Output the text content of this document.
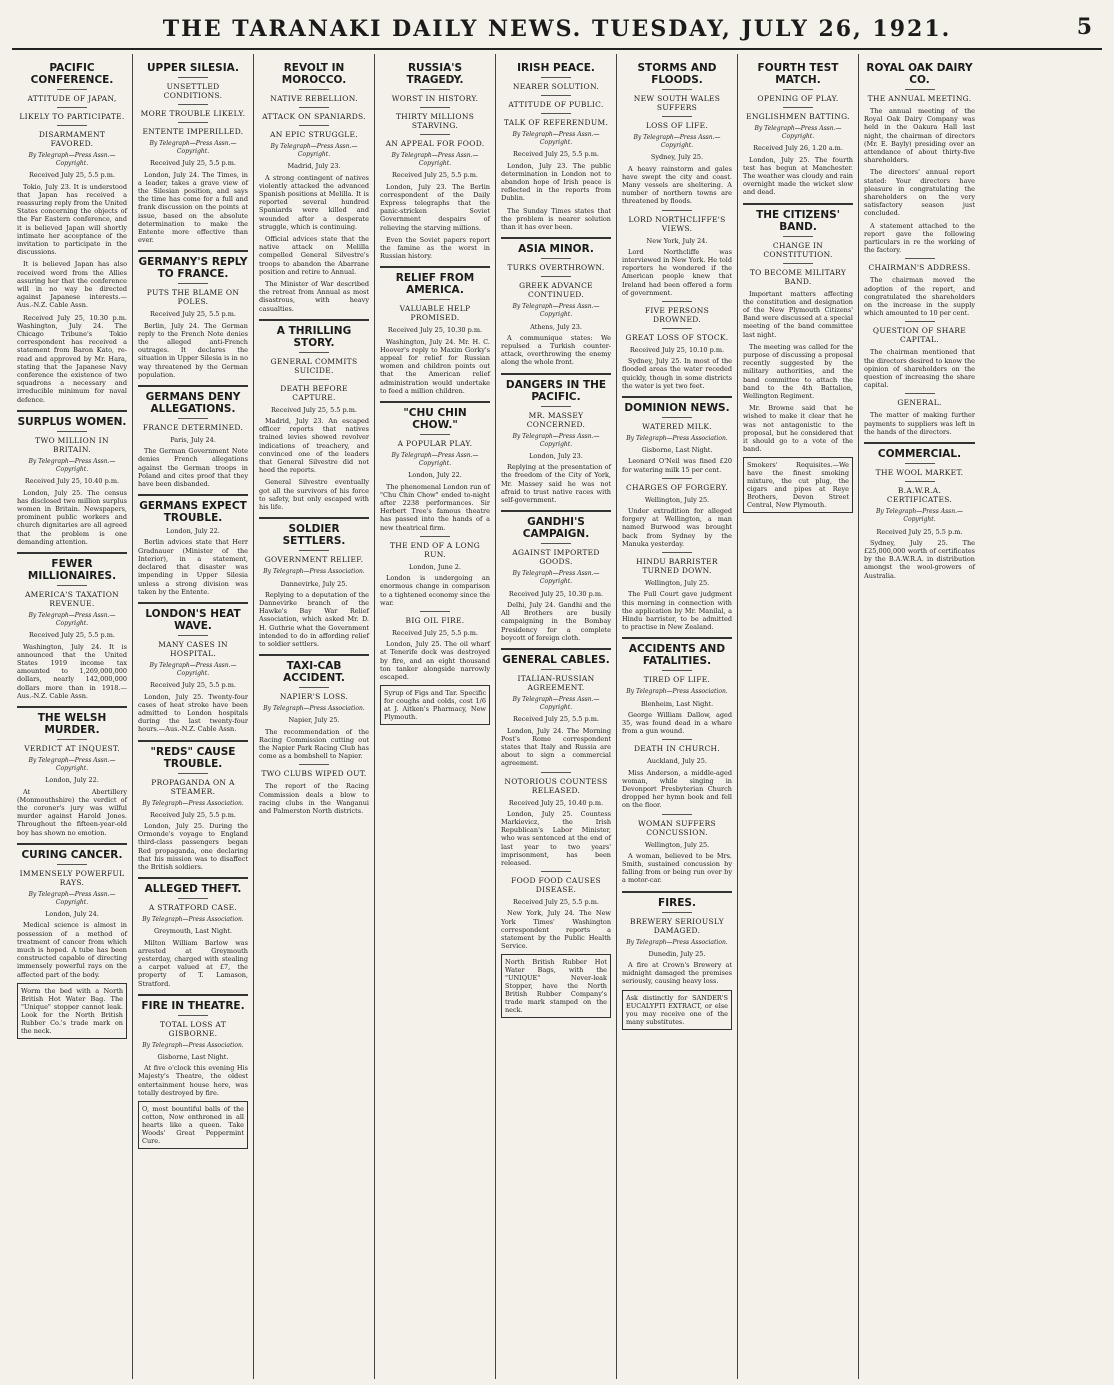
THE TARANAKI DAILY NEWS. TUESDAY, JULY 26, 1921.	5
PACIFIC CONFERENCE.
ATTITUDE OF JAPAN,
LIKELY TO PARTICIPATE.
DISARMAMENT FAVORED.
By Telegraph—Press Assn.—Copyright.
Received July 25, 5.5 p.m.

Tokio, July 23. It is understood that Japan has received a reassuring reply from the United States concerning the objects of the Far Eastern conference, and it is believed Japan will shortly intimate her acceptance of the invitation to participate in the discussions.

It is believed Japan has also received word from the Allies assuring her that the conference will in no way be directed against Japanese interests.—Aus.-N.Z. Cable Assn.

Received July 25, 10.30 p.m. Washington, July 24. The Chicago Tribune's Tokio correspondent has received a statement from Baron Kato, re-read and approved by Mr. Hara, stating that the Japanese Navy conference the existence of two squadrons a necessary and irreducible minimum for naval defence.

SURPLUS WOMEN.
TWO MILLION IN BRITAIN.
By Telegraph—Press Assn.—Copyright.
Received July 25, 10.40 p.m.

London, July 25. The census has disclosed two million surplus women in Britain. Newspapers, prominent public workers and church dignitaries are all agreed that the problem is one demanding attention.

FEWER MILLIONAIRES.
AMERICA'S TAXATION REVENUE.
By Telegraph—Press Assn.—Copyright.
Received July 25, 5.5 p.m.

Washington, July 24. It is announced that the United States 1919 income tax amounted to 1,269,000,000 dollars, nearly 142,000,000 dollars more than in 1918.—Aus.-N.Z. Cable Assn.

THE WELSH MURDER.
VERDICT AT INQUEST.
By Telegraph—Press Assn.—Copyright.
London, July 22.

At Abertillery (Monmouthshire) the verdict of the coroner's jury was wilful murder against Harold Jones. Throughout the fifteen-year-old boy has shown no emotion.

CURING CANCER.
IMMENSELY POWERFUL RAYS.
By Telegraph—Press Assn.—Copyright.
London, July 24.

Medical science is almost in possession of a method of treatment of cancer from which much is hoped. A tube has been constructed capable of directing immensely powerful rays on the affected part of the body.

Worm the bed with a North British Hot Water Bag. The "Unique" stopper cannot leak. Look for the North British Rubber Co.'s trade mark on the neck.
UPPER SILESIA.
UNSETTLED CONDITIONS.
MORE TROUBLE LIKELY.
ENTENTE IMPERILLED.
By Telegraph—Press Assn.—Copyright.
Received July 25, 5.5 p.m.

London, July 24. The Times, in a leader, takes a grave view of the Silesian position, and says the time has come for a full and frank discussion on the points at issue, based on the absolute determination to make the Entente more effective than ever.

GERMANY'S REPLY TO FRANCE.
PUTS THE BLAME ON POLES.
Received July 25, 5.5 p.m.

Berlin, July 24. The German reply to the French Note denies the alleged anti-French outrages. It declares the situation in Upper Silesia is in no way threatened by the German population.

GERMANS DENY ALLEGATIONS.
FRANCE DETERMINED.
Paris, July 24.

The German Government Note denies French allegations against the German troops in Poland and cites proof that they have been disbanded.

GERMANS EXPECT TROUBLE.
London, July 22.

Berlin advices state that Herr Gradnauer (Minister of the Interior), in a statement, declared that disaster was impending in Upper Silesia unless a strong division was taken by the Entente.

LONDON'S HEAT WAVE.
MANY CASES IN HOSPITAL.
By Telegraph—Press Assn.—Copyright.
Received July 25, 5.5 p.m.

London, July 25. Twenty-four cases of heat stroke have been admitted to London hospitals during the last twenty-four hours.—Aus.-N.Z. Cable Assn.

"REDS" CAUSE TROUBLE.
PROPAGANDA ON A STEAMER.
By Telegraph—Press Association.
Received July 25, 5.5 p.m.

London, July 25. During the Ormonde's voyage to England third-class passengers began Red propaganda, one declaring that his mission was to disaffect the British soldiers.

ALLEGED THEFT.
A STRATFORD CASE.
By Telegraph—Press Association.
Greymouth, Last Night.

Milton William Barlow was arrested at Greymouth yesterday, charged with stealing a carpet valued at £7, the property of T. Lamason, Stratford.

FIRE IN THEATRE.
TOTAL LOSS AT GISBORNE.
By Telegraph—Press Association.
Gisborne, Last Night.

At five o'clock this evening His Majesty's Theatre, the oldest entertainment house here, was totally destroyed by fire.

O, most bountiful balls of the cotton, Now enthroned in all hearts like a queen. Take Woods' Great Peppermint Cure.
REVOLT IN MOROCCO.
NATIVE REBELLION.
ATTACK ON SPANIARDS.
AN EPIC STRUGGLE.
By Telegraph—Press Assn.—Copyright.
Madrid, July 23.

A strong contingent of natives violently attacked the advanced Spanish positions at Melilla. It is reported several hundred Spaniards were killed and wounded after a desperate struggle, which is continuing.

Official advices state that the native attack on Melilla compelled General Silvestre's troops to abandon the Abarrane position and retire to Annual.

The Minister of War described the retreat from Annual as most disastrous, with heavy casualties.

A THRILLING STORY.
GENERAL COMMITS SUICIDE.
DEATH BEFORE CAPTURE.
Received July 25, 5.5 p.m.

Madrid, July 23. An escaped officer reports that natives trained levies showed revolver indications of treachery, and convinced one of the leaders that General Silvestre did not heed the reports.

General Silvestre eventually got all the survivors of his force to safety, but only escaped with his life.

SOLDIER SETTLERS.
GOVERNMENT RELIEF.
By Telegraph—Press Association.
Dannevirke, July 25.

Replying to a deputation of the Dannevirke branch of the Hawke's Bay War Relief Association, which asked Mr. D. H. Guthrie what the Government intended to do in affording relief to soldier settlers.

TAXI-CAB ACCIDENT.
NAPIER'S LOSS.
By Telegraph—Press Association.
Napier, July 25.

The recommendation of the Racing Commission cutting out the Napier Park Racing Club has come as a bombshell to Napier.

TWO CLUBS WIPED OUT.

The report of the Racing Commission deals a blow to racing clubs in the Wanganui and Palmerston North districts.

RUSSIA'S TRAGEDY.
WORST IN HISTORY.
THIRTY MILLIONS STARVING.
AN APPEAL FOR FOOD.
By Telegraph—Press Assn.—Copyright.
Received July 25, 5.5 p.m.

London, July 23. The Berlin correspondent of the Daily Express telegraphs that the panic-stricken Soviet Government despairs of relieving the starving millions.

Even the Soviet papers report the famine as the worst in Russian history.

RELIEF FROM AMERICA.
VALUABLE HELP PROMISED.
Received July 25, 10.30 p.m.

Washington, July 24. Mr. H. C. Hoover's reply to Maxim Gorky's appeal for relief for Russian women and children points out that the American relief administration would undertake to feed a million children.

"CHU CHIN CHOW."
A POPULAR PLAY.
By Telegraph—Press Assn.—Copyright.
London, July 22.

The phenomenal London run of "Chu Chin Chow" ended to-night after 2238 performances. Sir Herbert Tree's famous theatre has passed into the hands of a new theatrical firm.

THE END OF A LONG RUN.
London, June 2.

London is undergoing an enormous change in comparison to a tightened economy since the war.

BIG OIL FIRE.
Received July 25, 5.5 p.m.

London, July 25. The oil wharf at Tenerife dock was destroyed by fire, and an eight thousand ton tanker alongside narrowly escaped.

Syrup of Figs and Tar. Specific for coughs and colds, cost 1/6 at J. Aitken's Pharmacy, New Plymouth.
IRISH PEACE.
NEARER SOLUTION.
ATTITUDE OF PUBLIC.
TALK OF REFERENDUM.
By Telegraph—Press Assn.—Copyright.
Received July 25, 5.5 p.m.

London, July 23. The public determination in London not to abandon hope of Irish peace is reflected in the reports from Dublin.

The Sunday Times states that the problem is nearer solution than it has ever been.

ASIA MINOR.
TURKS OVERTHROWN.
GREEK ADVANCE CONTINUED.
By Telegraph—Press Assn.—Copyright.
Athens, July 23.

A communique states: We repulsed a Turkish counter-attack, overthrowing the enemy along the whole front.

DANGERS IN THE PACIFIC.
MR. MASSEY CONCERNED.
By Telegraph—Press Assn.—Copyright.
London, July 23.

Replying at the presentation of the freedom of the City of York, Mr. Massey said he was not afraid to trust native races with self-government.

GANDHI'S CAMPAIGN.
AGAINST IMPORTED GOODS.
By Telegraph—Press Assn.—Copyright.
Received July 25, 10.30 p.m.

Delhi, July 24. Gandhi and the All Brothers are busily campaigning in the Bombay Presidency for a complete boycott of foreign cloth.

GENERAL CABLES.
ITALIAN-RUSSIAN AGREEMENT.
By Telegraph—Press Assn.—Copyright.
Received July 25, 5.5 p.m.

London, July 24. The Morning Post's Rome correspondent states that Italy and Russia are about to sign a commercial agreement.

NOTORIOUS COUNTESS RELEASED.
Received July 25, 10.40 p.m.

London, July 25. Countess Markievicz, the Irish Republican's Labor Minister, who was sentenced at the end of last year to two years' imprisonment, has been released.

FOOD FOOD CAUSES DISEASE.
Received July 25, 5.5 p.m.

New York, July 24. The New York Times' Washington correspondent reports a statement by the Public Health Service.

North British Rubber Hot Water Bags, with the "UNIQUE" Never-leak Stopper, have the North British Rubber Company's trade mark stamped on the neck.
STORMS AND FLOODS.
NEW SOUTH WALES SUFFERS
LOSS OF LIFE.
By Telegraph—Press Assn.—Copyright.
Sydney, July 25.

A heavy rainstorm and gales have swept the city and coast. Many vessels are sheltering. A number of northern towns are threatened by floods.

LORD NORTHCLIFFE'S VIEWS.
New York, July 24.

Lord Northcliffe was interviewed in New York. He told reporters he wondered if the American people knew that Ireland had been offered a form of government.

FIVE PERSONS DROWNED.
GREAT LOSS OF STOCK.
Received July 25, 10.10 p.m.

Sydney, July 25. In most of the flooded areas the water receded quickly, though in some districts the water is yet two feet.

DOMINION NEWS.
WATERED MILK.
By Telegraph—Press Association.
Gisborne, Last Night.

Leonard O'Neil was fined £20 for watering milk 15 per cent.

CHARGES OF FORGERY.
Wellington, July 25.

Under extradition for alleged forgery at Wellington, a man named Burwood was brought back from Sydney by the Manuka yesterday.

HINDU BARRISTER TURNED DOWN.
Wellington, July 25.

The Full Court gave judgment this morning in connection with the application by Mr. Manilal, a Hindu barrister, to be admitted to practise in New Zealand.

ACCIDENTS AND FATALITIES.
TIRED OF LIFE.
By Telegraph—Press Association.
Blenheim, Last Night.

George William Dallow, aged 35, was found dead in a whare from a gun wound.

DEATH IN CHURCH.
Auckland, July 25.

Miss Anderson, a middle-aged woman, while singing in Devonport Presbyterian Church dropped her hymn book and fell on the floor.

WOMAN SUFFERS CONCUSSION.
Wellington, July 25.

A woman, believed to be Mrs. Smith, sustained concussion by falling from or being run over by a motor-car.

FIRES.
BREWERY SERIOUSLY DAMAGED.
By Telegraph—Press Association.
Dunedin, July 25.

A fire at Crown's Brewery at midnight damaged the premises seriously, causing heavy loss.

Ask distinctly for SANDER'S EUCALYPTI EXTRACT, or else you may receive one of the many substitutes.
FOURTH TEST MATCH.
OPENING OF PLAY.
ENGLISHMEN BATTING.
By Telegraph—Press Assn.—Copyright.
Received July 26, 1.20 a.m.

London, July 25. The fourth test has begun at Manchester. The weather was cloudy and rain overnight made the wicket slow and dead.

THE CITIZENS' BAND.
CHANGE IN CONSTITUTION.
TO BECOME MILITARY BAND.

Important matters affecting the constitution and designation of the New Plymouth Citizens' Band were discussed at a special meeting of the band committee last night.

The meeting was called for the purpose of discussing a proposal recently suggested by the military authorities, and the band committee to attach the band to the 4th Battalion, Wellington Regiment.

Mr. Browne said that he wished to make it clear that he was not antagonistic to the proposal, but he considered that it should go to a vote of the band.

Smokers' Requisites.—We have the finest smoking mixture, the cut plug, the cigars and pipes at Reye Brothers, Devon Street Central, New Plymouth.
ROYAL OAK DAIRY CO.
THE ANNUAL MEETING.

The annual meeting of the Royal Oak Dairy Company was held in the Oakura Hall last night, the chairman of directors (Mr. E. Bayly) presiding over an attendance of about thirty-five shareholders.

The directors' annual report stated: Your directors have pleasure in congratulating the shareholders on the very satisfactory season just concluded.

A statement attached to the report gave the following particulars in re the working of the factory.

CHAIRMAN'S ADDRESS.

The chairman moved the adoption of the report, and congratulated the shareholders on the increase in the supply which amounted to 10 per cent.

QUESTION OF SHARE CAPITAL.

The chairman mentioned that the directors desired to know the opinion of shareholders on the question of increasing the share capital.

GENERAL.

The matter of making further payments to suppliers was left in the hands of the directors.

COMMERCIAL.
THE WOOL MARKET.
B.A.W.R.A. CERTIFICATES.
By Telegraph—Press Assn.—Copyright.
Received July 25, 5.5 p.m.

Sydney, July 25. The £25,000,000 worth of certificates by the B.A.W.R.A. in distribution amongst the wool-growers of Australia.
